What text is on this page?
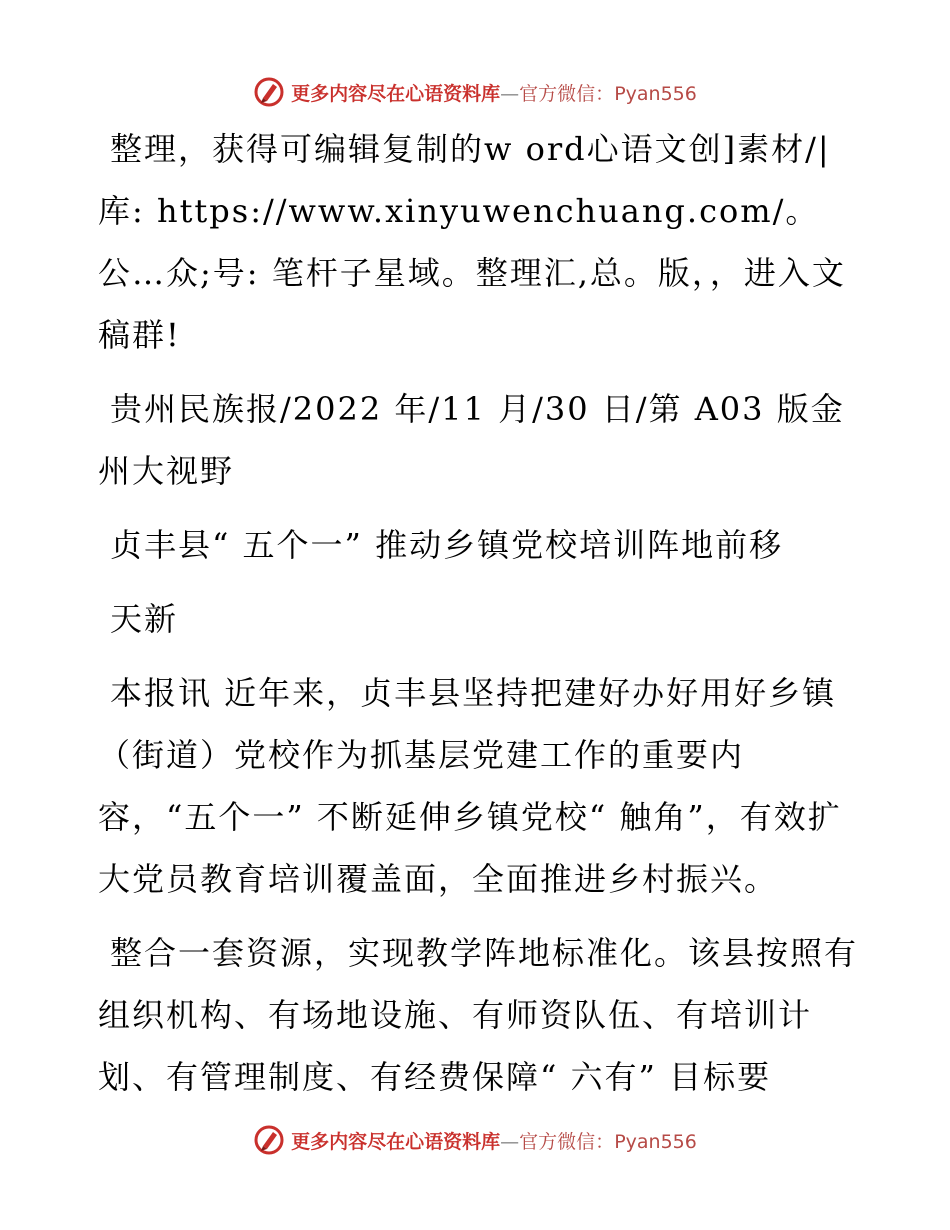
更多内容尽在心语资料库—官方微信：Pyan556

整理，获得可编辑复制的w ord心语文创]素材/|库: https://www.xinyuwenchuang.com/。公…众;号: 笔杆子星域。整理汇,总。版，，进入文稿群!

贵州民族报/2022 年/11 月/30 日/第 A03 版金州大视野

贞丰县“ 五个一” 推动乡镇党校培训阵地前移

天新

本报讯 近年来，贞丰县坚持把建好办好用好乡镇（街道）党校作为抓基层党建工作的重要内容，“五个一” 不断延伸乡镇党校“ 触角”，有效扩大党员教育培训覆盖面，全面推进乡村振兴。

整合一套资源，实现教学阵地标准化。该县按照有组织机构、有场地设施、有师资队伍、有培训计划、有管理制度、有经费保障“ 六有” 目标要

更多内容尽在心语资料库—官方微信：Pyan556
